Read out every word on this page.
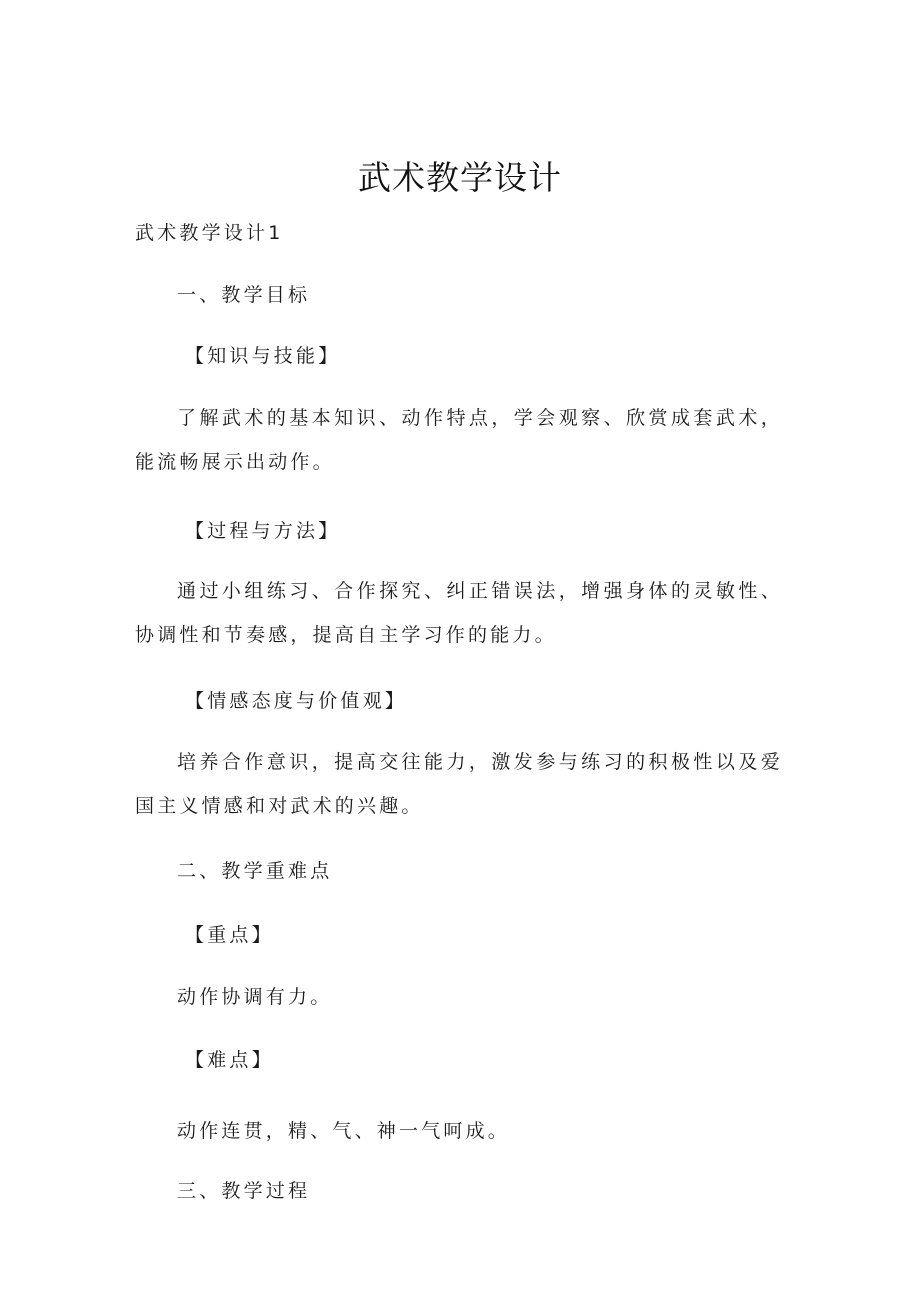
武术教学设计
武术教学设计1
一、教学目标
【知识与技能】
了解武术的基本知识、动作特点，学会观察、欣赏成套武术，能流畅展示出动作。
【过程与方法】
通过小组练习、合作探究、纠正错误法，增强身体的灵敏性、协调性和节奏感，提高自主学习作的能力。
【情感态度与价值观】
培养合作意识，提高交往能力，激发参与练习的积极性以及爱国主义情感和对武术的兴趣。
二、教学重难点
【重点】
动作协调有力。
【难点】
动作连贯，精、气、神一气呵成。
三、教学过程
